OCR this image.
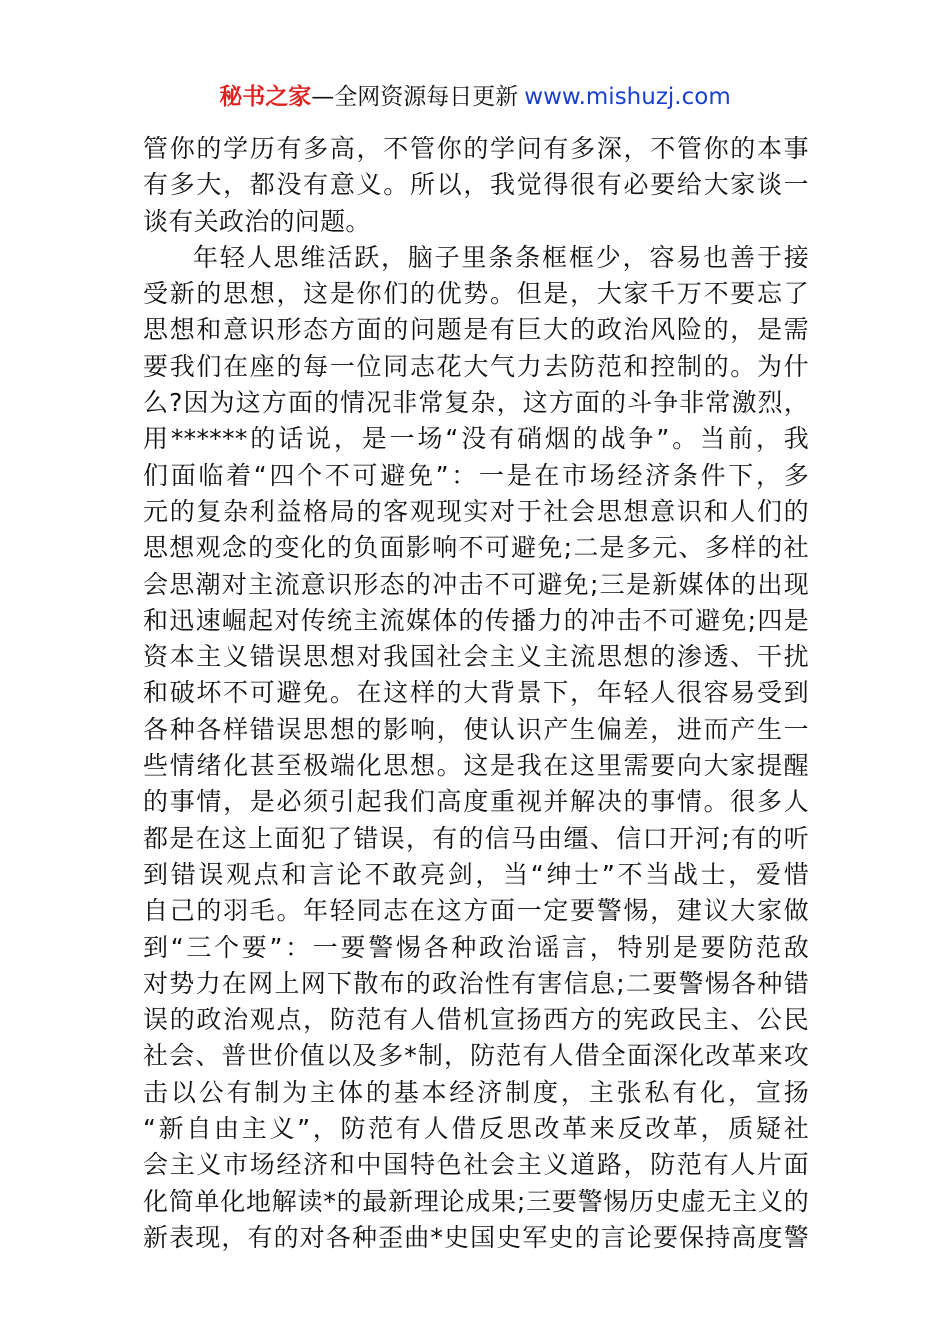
秘书之家—全网资源每日更新 www.mishuzj.com
管你的学历有多高，不管你的学问有多深，不管你的本事
有多大，都没有意义。所以，我觉得很有必要给大家谈一
谈有关政治的问题。
年轻人思维活跃，脑子里条条框框少，容易也善于接
受新的思想，这是你们的优势。但是，大家千万不要忘了
思想和意识形态方面的问题是有巨大的政治风险的，是需
要我们在座的每一位同志花大气力去防范和控制的。为什
么?因为这方面的情况非常复杂，这方面的斗争非常激烈，
用******的话说，是一场“没有硝烟的战争”。当前，我
们面临着“四个不可避免”：一是在市场经济条件下，多
元的复杂利益格局的客观现实对于社会思想意识和人们的
思想观念的变化的负面影响不可避免;二是多元、多样的社
会思潮对主流意识形态的冲击不可避免;三是新媒体的出现
和迅速崛起对传统主流媒体的传播力的冲击不可避免;四是
资本主义错误思想对我国社会主义主流思想的渗透、干扰
和破坏不可避免。在这样的大背景下，年轻人很容易受到
各种各样错误思想的影响，使认识产生偏差，进而产生一
些情绪化甚至极端化思想。这是我在这里需要向大家提醒
的事情，是必须引起我们高度重视并解决的事情。很多人
都是在这上面犯了错误，有的信马由缰、信口开河;有的听
到错误观点和言论不敢亮剑，当“绅士”不当战士，爱惜
自己的羽毛。年轻同志在这方面一定要警惕，建议大家做
到“三个要”：一要警惕各种政治谣言，特别是要防范敌
对势力在网上网下散布的政治性有害信息;二要警惕各种错
误的政治观点，防范有人借机宣扬西方的宪政民主、公民
社会、普世价值以及多*制，防范有人借全面深化改革来攻
击以公有制为主体的基本经济制度，主张私有化，宣扬
“新自由主义”，防范有人借反思改革来反改革，质疑社
会主义市场经济和中国特色社会主义道路，防范有人片面
化简单化地解读*的最新理论成果;三要警惕历史虚无主义的
新表现，有的对各种歪曲*史国史军史的言论要保持高度警
